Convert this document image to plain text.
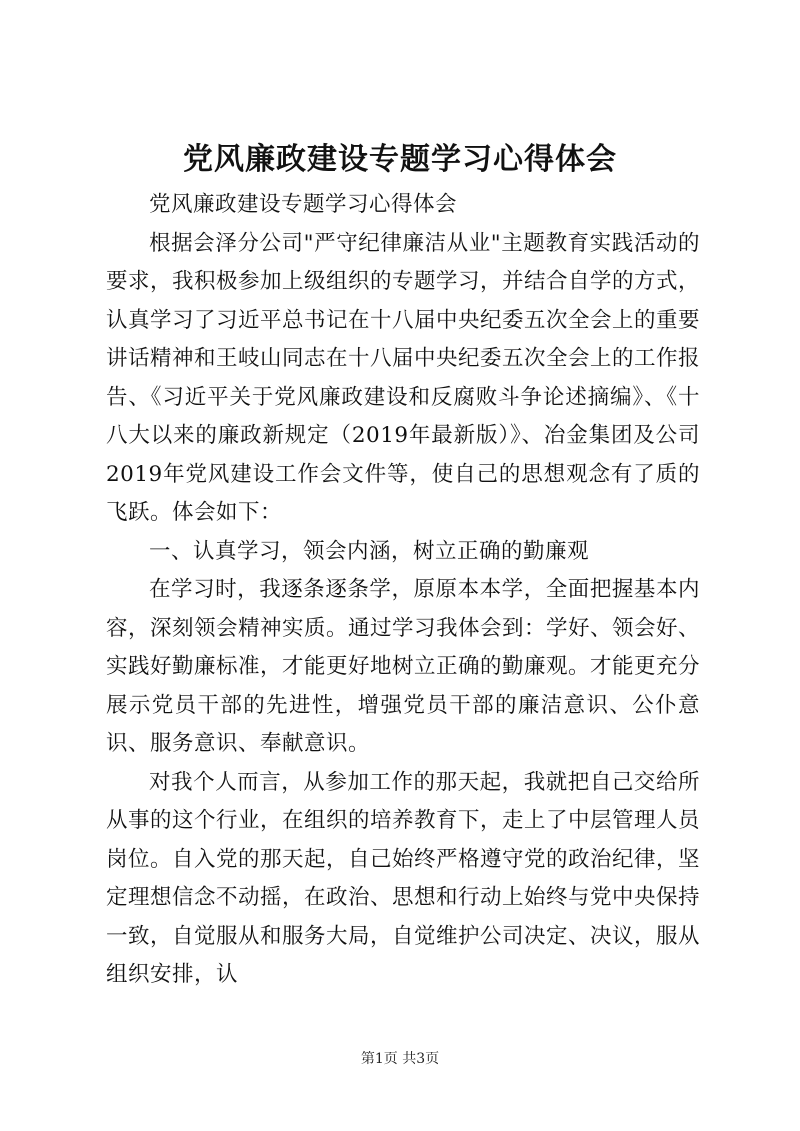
党风廉政建设专题学习心得体会

党风廉政建设专题学习心得体会

根据会泽分公司"严守纪律廉洁从业"主题教育实践活动的要求，我积极参加上级组织的专题学习，并结合自学的方式，认真学习了习近平总书记在十八届中央纪委五次全会上的重要讲话精神和王岐山同志在十八届中央纪委五次全会上的工作报告、《习近平关于党风廉政建设和反腐败斗争论述摘编》、《十八大以来的廉政新规定（2019年最新版）》、冶金集团及公司2019年党风建设工作会文件等，使自己的思想观念有了质的飞跃。体会如下：

一、认真学习，领会内涵，树立正确的勤廉观

在学习时，我逐条逐条学，原原本本学，全面把握基本内容，深刻领会精神实质。通过学习我体会到：学好、领会好、实践好勤廉标准，才能更好地树立正确的勤廉观。才能更充分展示党员干部的先进性，增强党员干部的廉洁意识、公仆意识、服务意识、奉献意识。

对我个人而言，从参加工作的那天起，我就把自己交给所从事的这个行业，在组织的培养教育下，走上了中层管理人员岗位。自入党的那天起，自己始终严格遵守党的政治纪律，坚定理想信念不动摇，在政治、思想和行动上始终与党中央保持一致，自觉服从和服务大局，自觉维护公司决定、决议，服从组织安排，认

第1页 共3页
